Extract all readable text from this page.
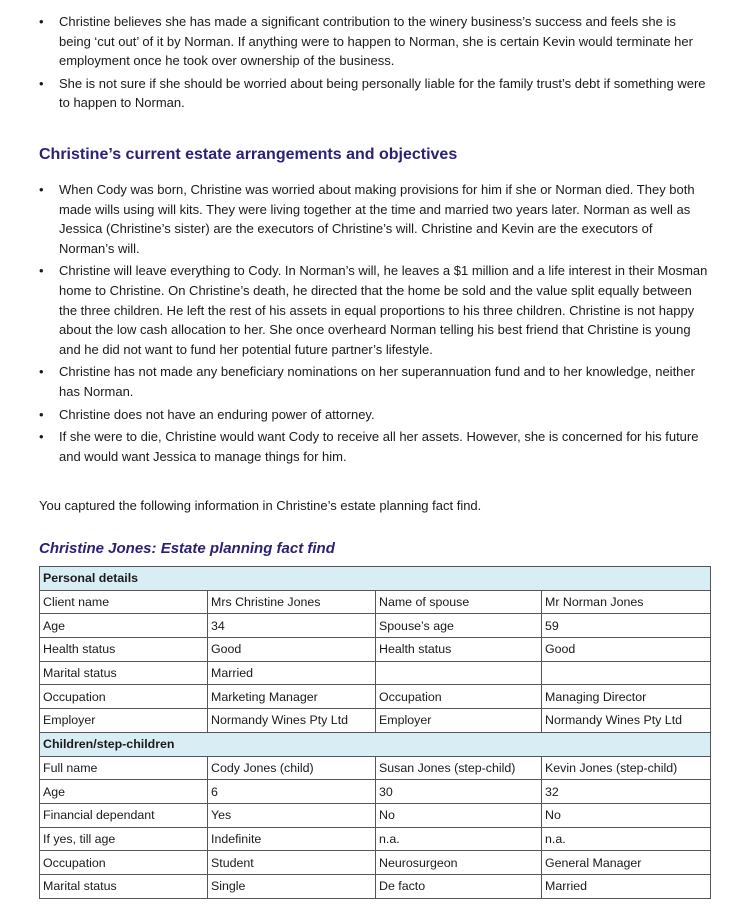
• Christine believes she has made a significant contribution to the winery business’s success and feels she is being ‘cut out’ of it by Norman. If anything were to happen to Norman, she is certain Kevin would terminate her employment once he took over ownership of the business.
• She is not sure if she should be worried about being personally liable for the family trust’s debt if something were to happen to Norman.
Christine’s current estate arrangements and objectives
• When Cody was born, Christine was worried about making provisions for him if she or Norman died. They both made wills using will kits. They were living together at the time and married two years later. Norman as well as Jessica (Christine’s sister) are the executors of Christine’s will. Christine and Kevin are the executors of Norman’s will.
• Christine will leave everything to Cody. In Norman’s will, he leaves a $1 million and a life interest in their Mosman home to Christine. On Christine’s death, he directed that the home be sold and the value split equally between the three children. He left the rest of his assets in equal proportions to his three children. Christine is not happy about the low cash allocation to her. She once overheard Norman telling his best friend that Christine is young and he did not want to fund her potential future partner’s lifestyle.
• Christine has not made any beneficiary nominations on her superannuation fund and to her knowledge, neither has Norman.
• Christine does not have an enduring power of attorney.
• If she were to die, Christine would want Cody to receive all her assets. However, she is concerned for his future and would want Jessica to manage things for him.

You captured the following information in Christine’s estate planning fact find.

Christine Jones: Estate planning fact find
Personal details			
Client name	Mrs Christine Jones	Name of spouse	Mr Norman Jones
Age	34	Spouse’s age	59
Health status	Good	Health status	Good
Marital status	Married		
Occupation	Marketing Manager	Occupation	Managing Director
Employer	Normandy Wines Pty Ltd	Employer	Normandy Wines Pty Ltd
Children/step-children			
Full name	Cody Jones (child)	Susan Jones (step-child)	Kevin Jones (step-child)
Age	6	30	32
Financial dependant	Yes	No	No
If yes, till age	Indefinite	n.a.	n.a.
Occupation	Student	Neurosurgeon	General Manager
Marital status	Single	De facto	Married
